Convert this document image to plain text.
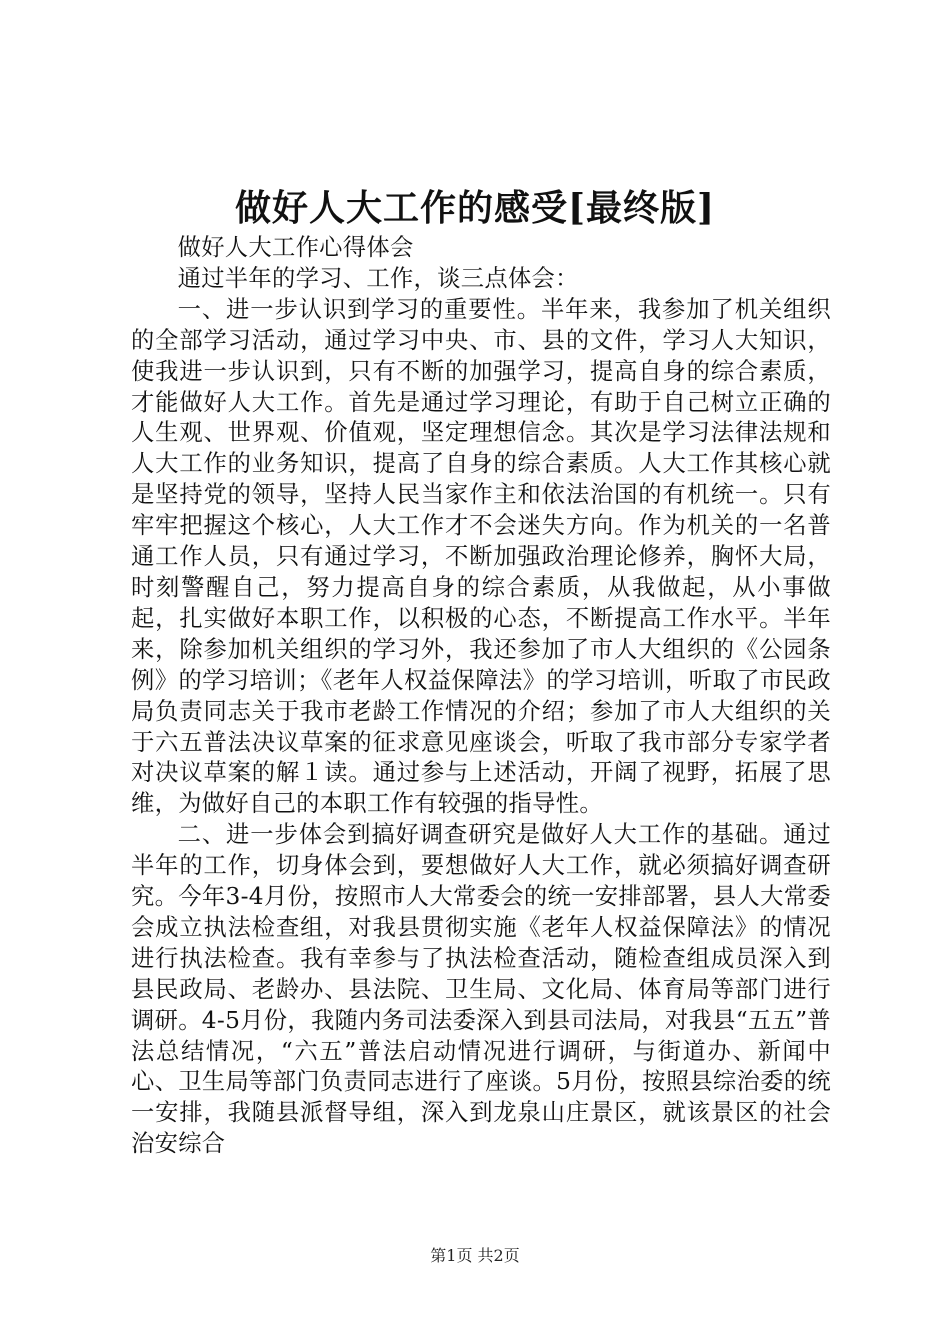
做好人大工作的感受[最终版]

做好人大工作心得体会

通过半年的学习、工作，谈三点体会：

一、进一步认识到学习的重要性。半年来，我参加了机关组织的全部学习活动，通过学习中央、市、县的文件，学习人大知识，使我进一步认识到，只有不断的加强学习，提高自身的综合素质，才能做好人大工作。首先是通过学习理论，有助于自己树立正确的人生观、世界观、价值观，坚定理想信念。其次是学习法律法规和人大工作的业务知识，提高了自身的综合素质。人大工作其核心就是坚持党的领导，坚持人民当家作主和依法治国的有机统一。只有牢牢把握这个核心，人大工作才不会迷失方向。作为机关的一名普通工作人员，只有通过学习，不断加强政治理论修养，胸怀大局，时刻警醒自己，努力提高自身的综合素质，从我做起，从小事做起，扎实做好本职工作，以积极的心态，不断提高工作水平。半年来，除参加机关组织的学习外，我还参加了市人大组织的《公园条例》的学习培训；《老年人权益保障法》的学习培训，听取了市民政局负责同志关于我市老龄工作情况的介绍；参加了市人大组织的关于六五普法决议草案的征求意见座谈会，听取了我市部分专家学者对决议草案的解１读。通过参与上述活动，开阔了视野，拓展了思维，为做好自己的本职工作有较强的指导性。

二、进一步体会到搞好调查研究是做好人大工作的基础。通过半年的工作，切身体会到，要想做好人大工作，就必须搞好调查研究。今年3-4月份，按照市人大常委会的统一安排部署，县人大常委会成立执法检查组，对我县贯彻实施《老年人权益保障法》的情况进行执法检查。我有幸参与了执法检查活动，随检查组成员深入到县民政局、老龄办、县法院、卫生局、文化局、体育局等部门进行调研。4-5月份，我随内务司法委深入到县司法局，对我县“五五”普法总结情况，“六五”普法启动情况进行调研，与街道办、新闻中心、卫生局等部门负责同志进行了座谈。5月份，按照县综治委的统一安排，我随县派督导组，深入到龙泉山庄景区，就该景区的社会治安综合

第1页 共2页
